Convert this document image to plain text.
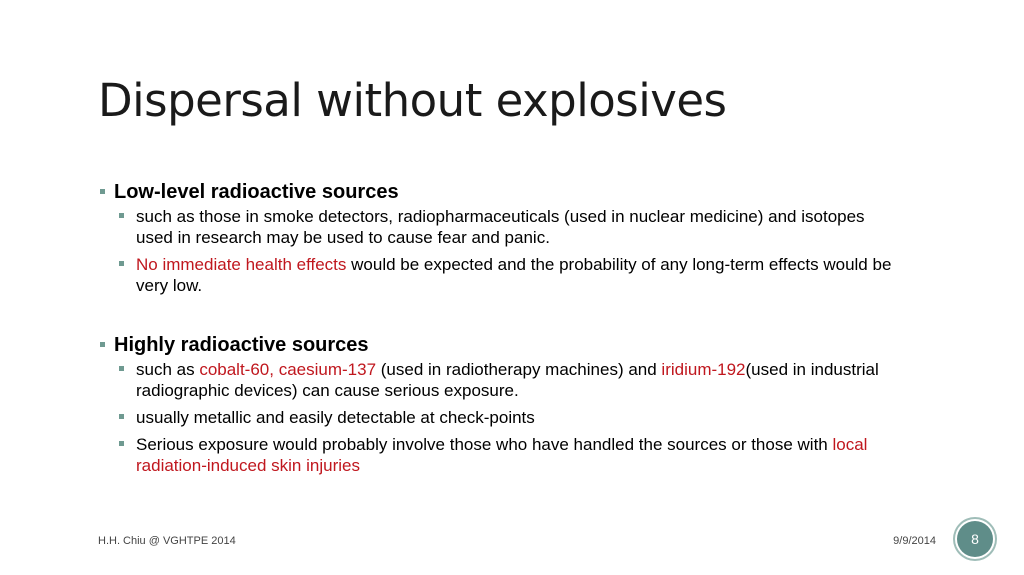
Dispersal without explosives

Low-level radioactive sources

such as those in smoke detectors, radiopharmaceuticals (used in nuclear medicine) and isotopes used in research may be used to cause fear and panic.
No immediate health effects would be expected and the probability of any long-term effects would be very low.

Highly radioactive sources

such as cobalt-60, caesium-137 (used in radiotherapy machines) and iridium-192(used in industrial radiographic devices) can cause serious exposure.
usually metallic and easily detectable at check-points
Serious exposure would probably involve those who have handled the sources or those with local radiation-induced skin injuries
H.H. Chiu @ VGHTPE 2014	9/9/2014	8
